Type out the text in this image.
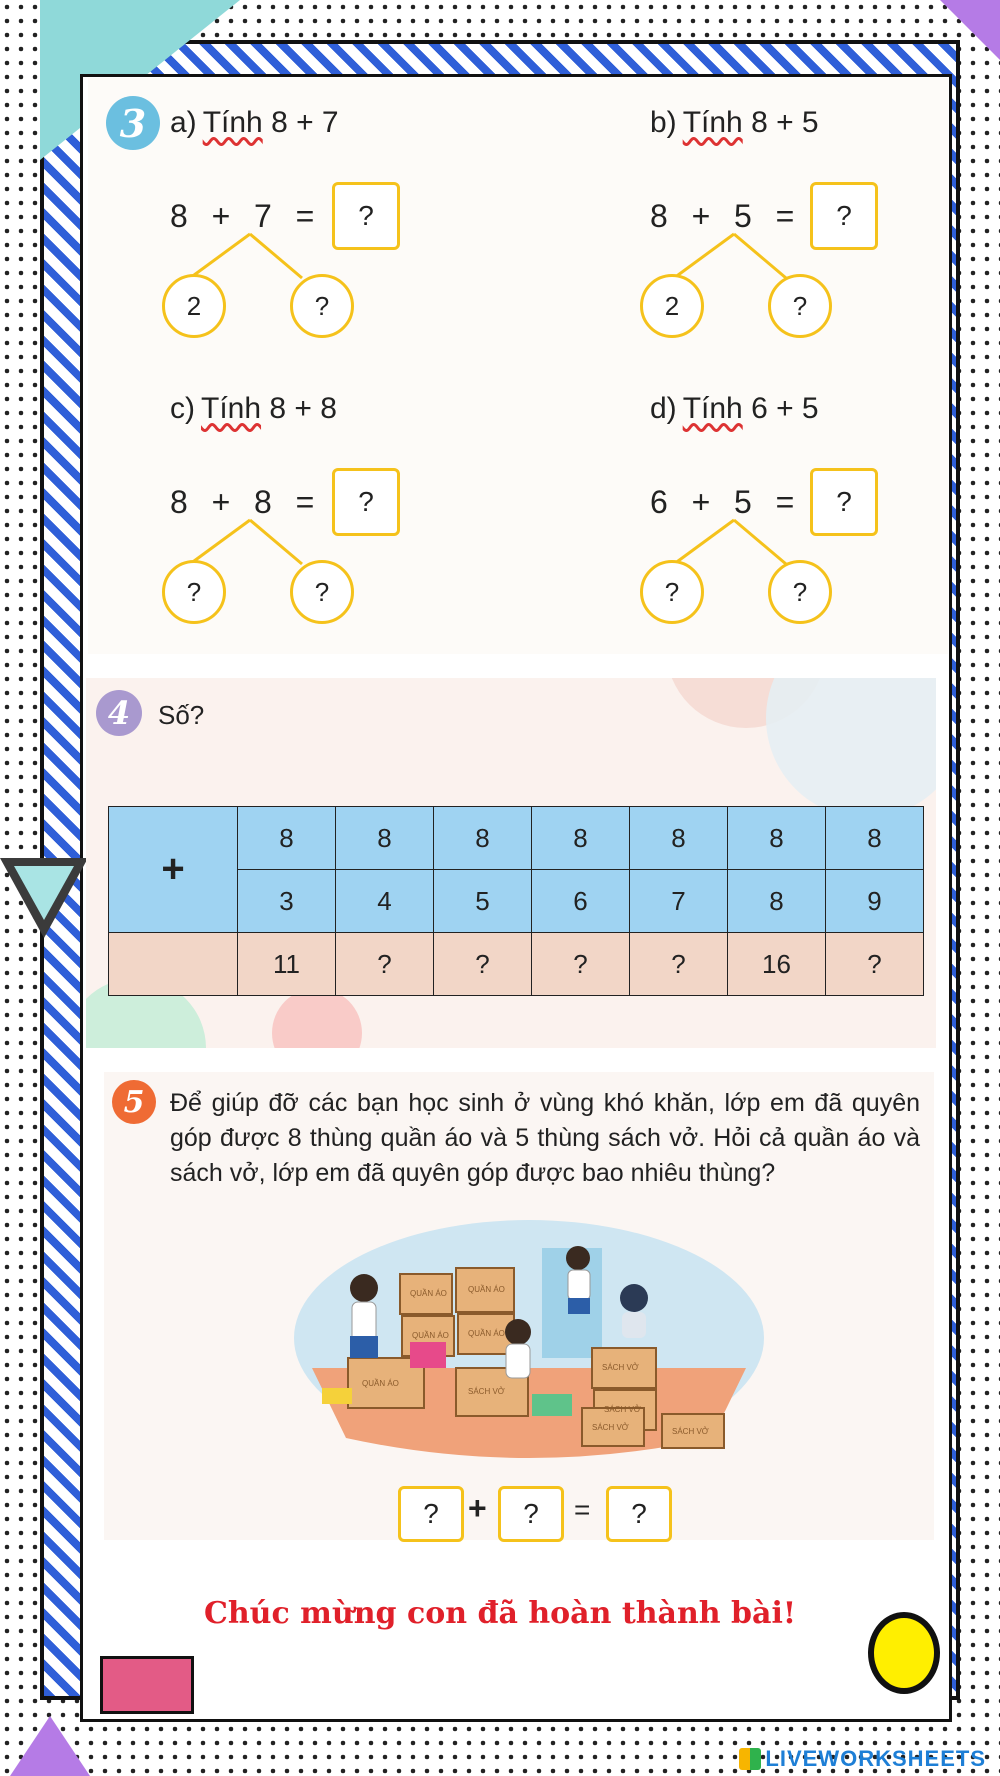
3 a) Tính 8 + 7
8 + 7 =	?
2	?
b) Tính 8 + 5
8 + 5 =	?
2	?
c) Tính 8 + 8
8 + 8 =	?
?	?
d) Tính 6 + 5
6 + 5 =	?
?	?
4	Số?
+	8	8	8	8	8	8	8
	3	4	5	6	7	8	9
	11	?	?	?	?	16	?
5	Để giúp đỡ các bạn học sinh ở vùng khó khăn, lớp em đã quyên góp được 8 thùng quần áo và 5 thùng sách vở. Hỏi cả quần áo và sách vở, lớp em đã quyên góp được bao nhiêu thùng?
QUẦN ÁO	QUẦN ÁO
QUẦN ÁO QUẦN ÁO
QUẦN ÁO
SÁCH VỞ
SÁCH VỞ
SÁCH VỞ
SÁCH VỞ	SÁCH VỞ
? +	?	=	?
Chúc mừng con đã hoàn thành bài!
LIVEWORKSHEETS
